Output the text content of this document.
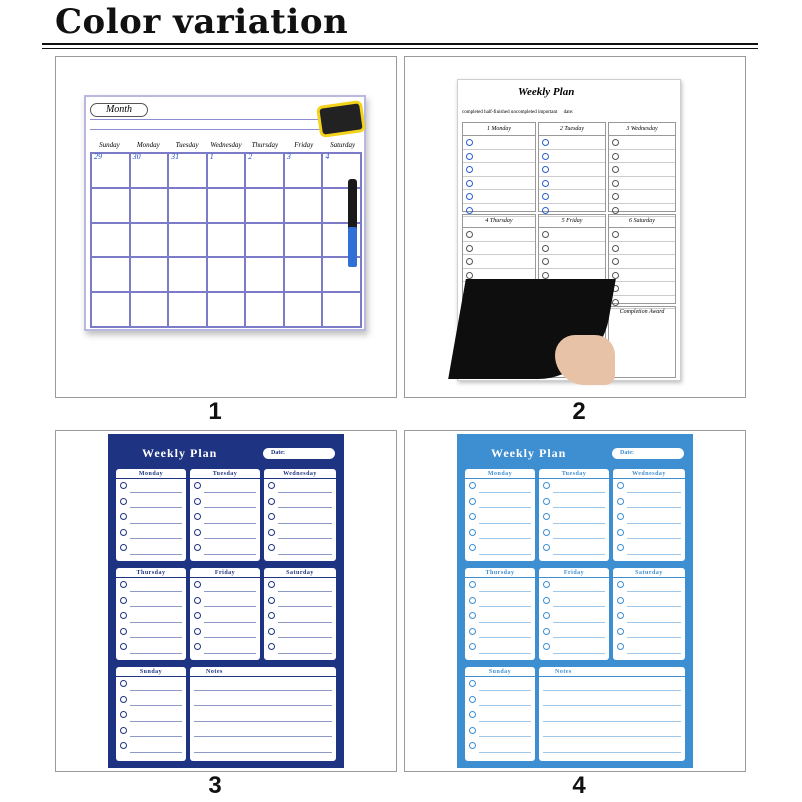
Color variation
Month
Sunday	Monday	Tuesday	Wednesday	Thursday	Friday	Saturday
29	30	31	1	2	3	4
1
Weekly Plan
completed half-finished uncompleted important date:
1 Monday	2 Tuesday	3 Wednesday
4 Thursday	5 Friday	6 Saturday
Completion Award
2
Weekly Plan	Date:
Monday	Tuesday	Wednesday
Thursday	Friday	Saturday
Sunday	Notes
3
Weekly Plan	Date:
Monday	Tuesday	Wednesday
Thursday	Friday	Saturday
Sunday	Notes
4
